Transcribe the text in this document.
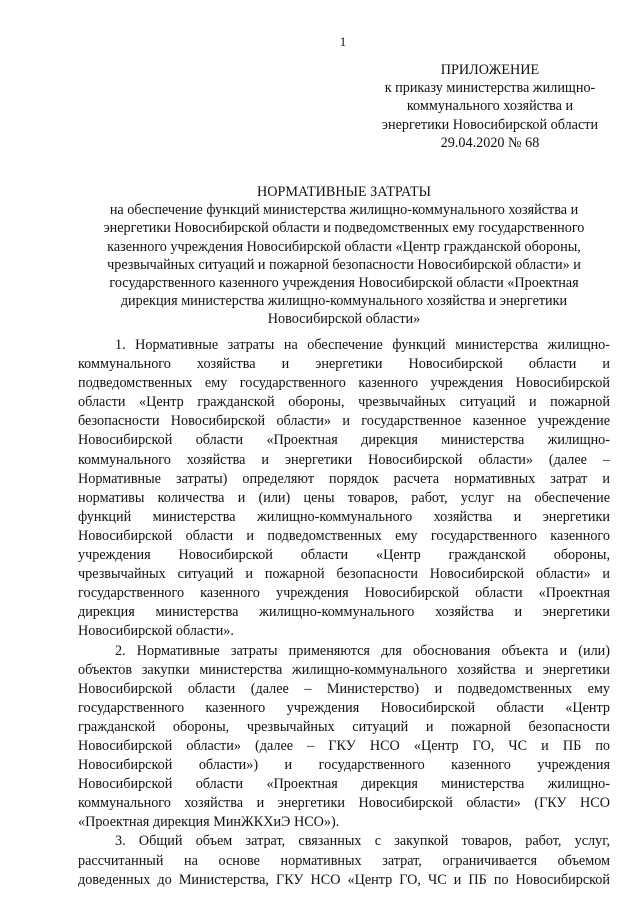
1
ПРИЛОЖЕНИЕ
к приказу министерства жилищно-
коммунального хозяйства и
энергетики Новосибирской области
29.04.2020 № 68
НОРМАТИВНЫЕ ЗАТРАТЫ
на обеспечение функций министерства жилищно-коммунального хозяйства и
энергетики Новосибирской области и подведомственных ему государственного
казенного учреждения Новосибирской области «Центр гражданской обороны,
чрезвычайных ситуаций и пожарной безопасности Новосибирской области» и
государственного казенного учреждения Новосибирской области «Проектная
дирекция министерства жилищно-коммунального хозяйства и энергетики
Новосибирской области»
1. Нормативные затраты на обеспечение функций министерства жилищно-
коммунального хозяйства и энергетики Новосибирской области и
подведомственных ему государственного казенного учреждения Новосибирской
области «Центр гражданской обороны, чрезвычайных ситуаций и пожарной
безопасности Новосибирской области» и государственное казенное учреждение
Новосибирской области «Проектная дирекция министерства жилищно-
коммунального хозяйства и энергетики Новосибирской области» (далее –
Нормативные затраты) определяют порядок расчета нормативных затрат и
нормативы количества и (или) цены товаров, работ, услуг на обеспечение
функций министерства жилищно-коммунального хозяйства и энергетики
Новосибирской области и подведомственных ему государственного казенного
учреждения Новосибирской области «Центр гражданской обороны,
чрезвычайных ситуаций и пожарной безопасности Новосибирской области» и
государственного казенного учреждения Новосибирской области «Проектная
дирекция министерства жилищно-коммунального хозяйства и энергетики
Новосибирской области».
2. Нормативные затраты применяются для обоснования объекта и (или)
объектов закупки министерства жилищно-коммунального хозяйства и энергетики
Новосибирской области (далее – Министерство) и подведомственных ему
государственного казенного учреждения Новосибирской области «Центр
гражданской обороны, чрезвычайных ситуаций и пожарной безопасности
Новосибирской области» (далее – ГКУ НСО «Центр ГО, ЧС и ПБ по
Новосибирской области») и государственного казенного учреждения
Новосибирской области «Проектная дирекция министерства жилищно-
коммунального хозяйства и энергетики Новосибирской области» (ГКУ НСО
«Проектная дирекция МинЖКХиЭ НСО»).
3. Общий объем затрат, связанных с закупкой товаров, работ, услуг,
рассчитанный на основе нормативных затрат, ограничивается объемом
доведенных до Министерства, ГКУ НСО «Центр ГО, ЧС и ПБ по Новосибирской
